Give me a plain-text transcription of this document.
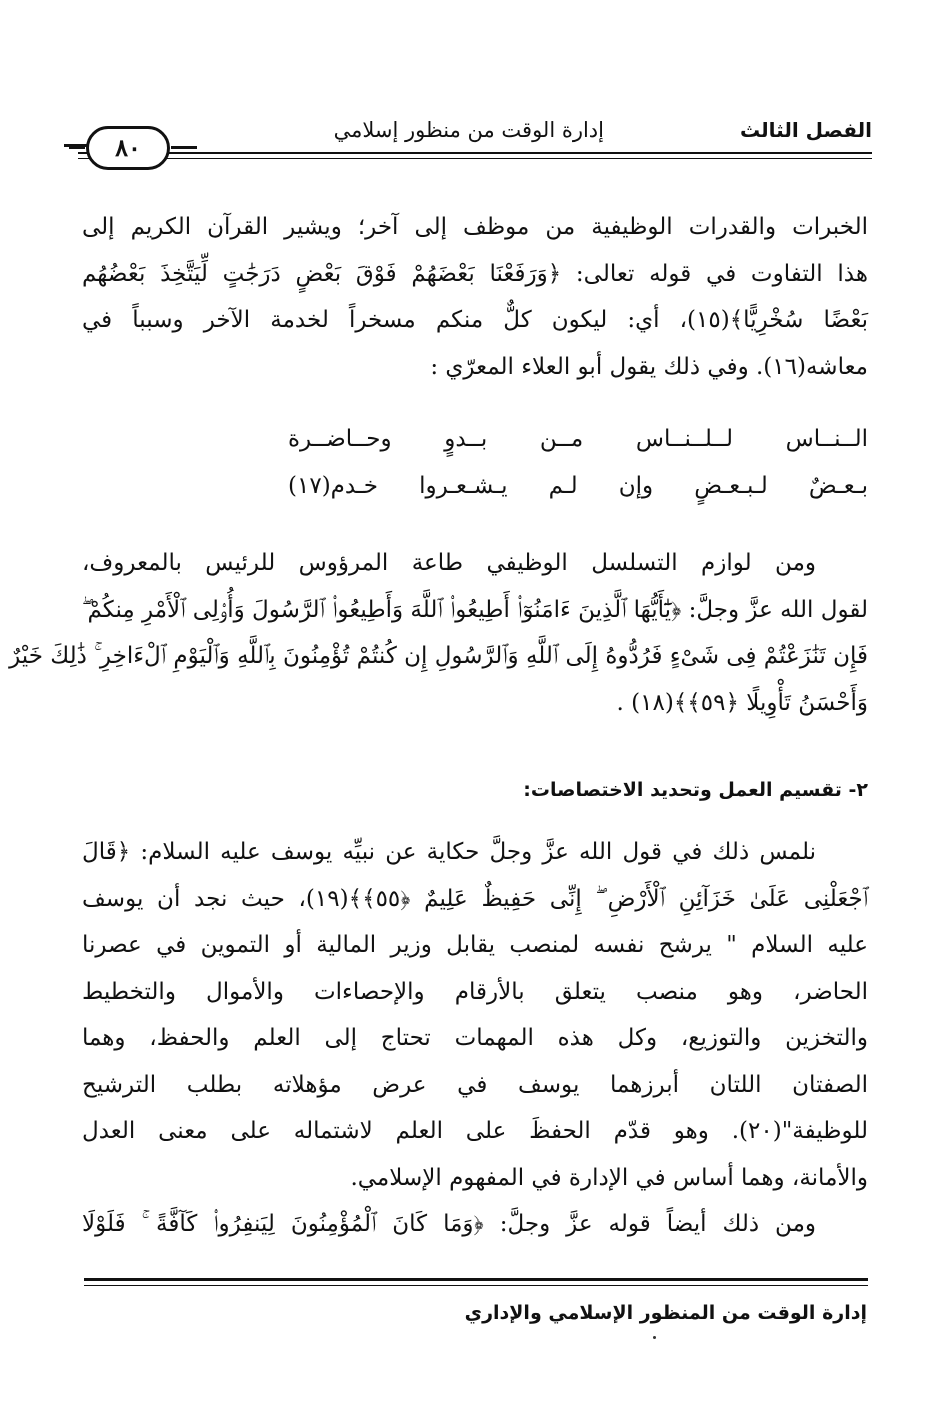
الفصل الثالث
إدارة الوقت من منظور إسلامي
٨٠
الخبرات والقدرات الوظيفية من موظف إلى آخر؛ ويشير القرآن الكريم إلى
هذا التفاوت في قوله تعالى: ﴿وَرَفَعْنَا بَعْضَهُمْ فَوْقَ بَعْضٍ دَرَجَٰتٍ لِّيَتَّخِذَ بَعْضُهُم
بَعْضًا سُخْرِيًّا﴾(١٥)، أي: ليكون كلٌّ منكم مسخراً لخدمة الآخر وسبباً في
معاشه(١٦). وفي ذلك يقول أبو العلاء المعرّي :
الــنــاس لــلــنــاس مــن بــدوٍ وحــاضــرة
بـعـضٌ لـبـعـضٍ وإن لـم يـشـعـروا خـدم(١٧)
ومن لوازم التسلسل الوظيفي طاعة المرؤوس للرئيس بالمعروف،
لقول الله عزَّ وجلَّ: ﴿يَٰٓأَيُّهَا ٱلَّذِينَ ءَامَنُوٓا۟ أَطِيعُوا۟ ٱللَّهَ وَأَطِيعُوا۟ ٱلرَّسُولَ وَأُو۟لِى ٱلْأَمْرِ مِنكُمْ ۖ
فَإِن تَنَٰزَعْتُمْ فِى شَىْءٍ فَرُدُّوهُ إِلَى ٱللَّهِ وَٱلرَّسُولِ إِن كُنتُمْ تُؤْمِنُونَ بِٱللَّهِ وَٱلْيَوْمِ ٱلْءَاخِرِ ۚ ذَٰلِكَ خَيْرٌ
وَأَحْسَنُ تَأْوِيلًا ﴿٥٩﴾﴾(١٨) .
٢- تقسيم العمل وتحديد الاختصاصات:
نلمس ذلك في قول الله عزَّ وجلَّ حكاية عن نبيِّه يوسف عليه السلام: ﴿قَالَ
ٱجْعَلْنِى عَلَىٰ خَزَآئِنِ ٱلْأَرْضِ ۖ إِنِّى حَفِيظٌ عَلِيمٌ ﴿٥٥﴾﴾(١٩)، حيث نجد أن يوسف
عليه السلام " يرشح نفسه لمنصب يقابل وزير المالية أو التموين في عصرنا
الحاضر، وهو منصب يتعلق بالأرقام والإحصاءات والأموال والتخطيط
والتخزين والتوزيع، وكل هذه المهمات تحتاج إلى العلم والحفظ، وهما
الصفتان اللتان أبرزهما يوسف في عرض مؤهلاته بطلب الترشيح
للوظيفة"(٢٠). وهو قدّم الحفظَ على العلم لاشتماله على معنى العدل
والأمانة، وهما أساس في الإدارة في المفهوم الإسلامي.
ومن ذلك أيضاً قوله عزَّ وجلَّ: ﴿وَمَا كَانَ ٱلْمُؤْمِنُونَ لِيَنفِرُوا۟ كَآفَّةً ۚ فَلَوْلَا
إدارة الوقت من المنظور الإسلامي والإداري
